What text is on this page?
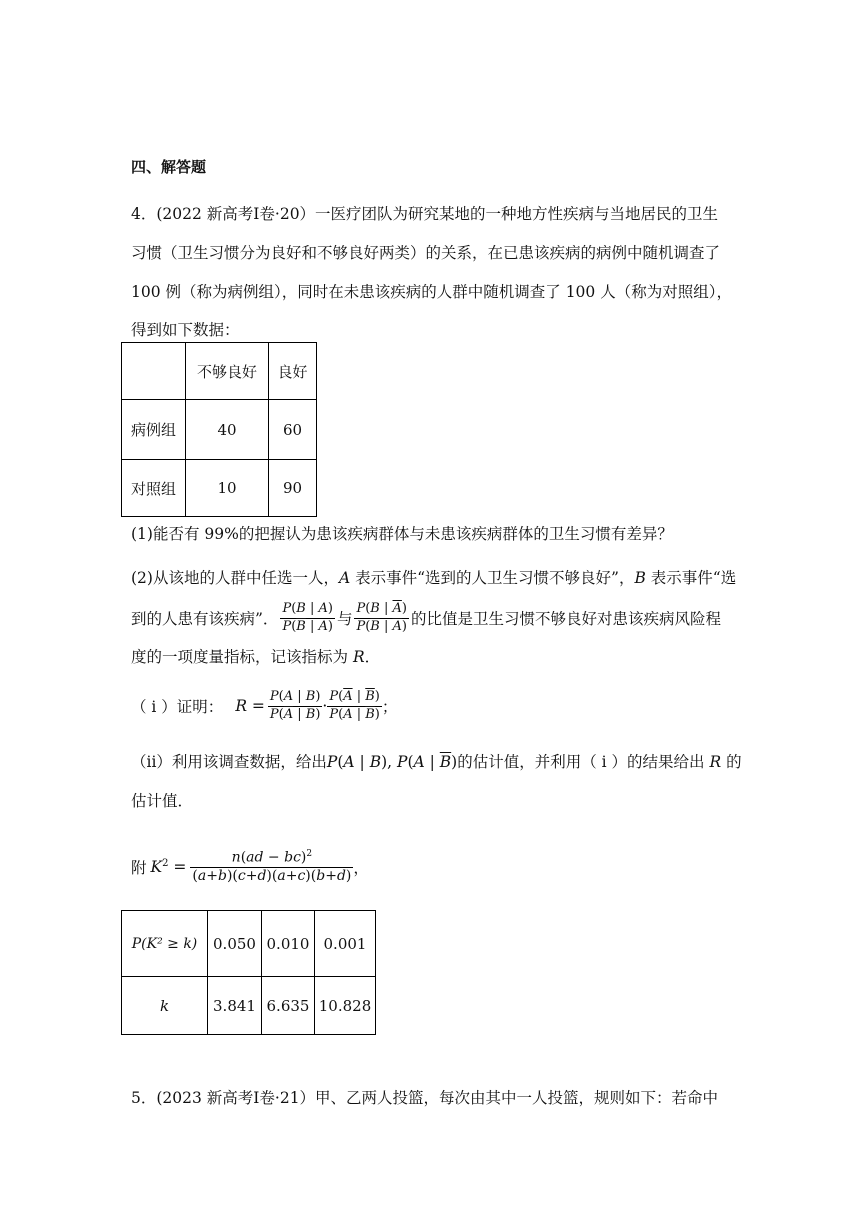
四、解答题
4．(2022 新高考Ⅰ卷·20）一医疗团队为研究某地的一种地方性疾病与当地居民的卫生
习惯（卫生习惯分为良好和不够良好两类）的关系，在已患该疾病的病例中随机调查了
100 例（称为病例组），同时在未患该疾病的人群中随机调查了 100 人（称为对照组），
得到如下数据：
	不够良好	良好
病例组	40	60
对照组	10	90
(1)能否有 99%的把握认为患该疾病群体与未患该疾病群体的卫生习惯有差异？
(2)从该地的人群中任选一人，A 表示事件“选到的人卫生习惯不够良好”，B 表示事件“选
到的人患有该疾病”． $\frac{P(B | A)}{P(\overline{B} | A)}$ 与 $\frac{P(B | \overline{A})}{P(\overline{B} | \overline{A})}$ 的比值是卫生习惯不够良好对患该疾病风险程
度的一项度量指标，记该指标为 R．
（ i ）证明： $R = \frac{P(A | B)}{P(\overline{A} | B)} \cdot \frac{P(\overline{A} | \overline{B})}{P(A | \overline{B})}$ ；
（ii）利用该调查数据，给出P(A | B), P(A | $\overline{B}$)的估计值，并利用（ i ）的结果给出 R 的
估计值．
附 $K^2 = \frac{n(ad - bc)^2}{(a+b)(c+d)(a+c)(b+d)}$ ，
P(K² ≥ k)	0.050	0.010	0.001
k	3.841	6.635	10.828
5．(2023 新高考Ⅰ卷·21）甲、乙两人投篮，每次由其中一人投篮，规则如下：若命中
